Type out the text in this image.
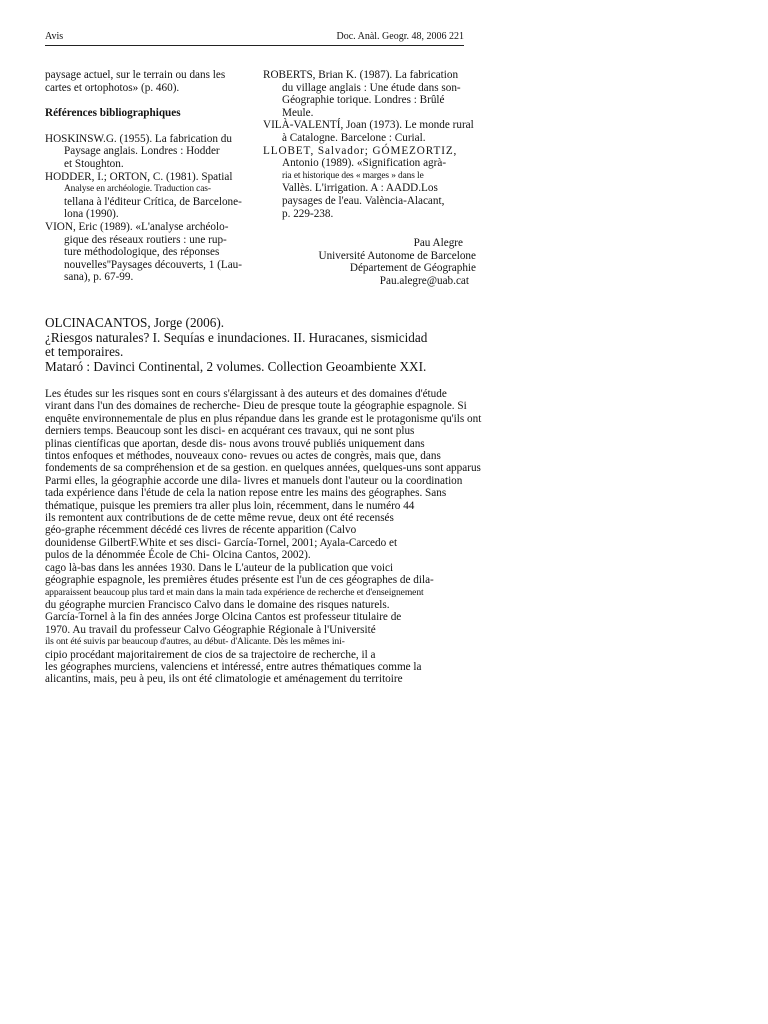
Avis	Doc. Anàl. Geogr. 48, 2006 221
paysage actuel, sur le terrain ou dans les
cartes et ortophotos» (p. 460).
Références bibliographiques
HOSKINSW.G. (1955). La fabrication du
Paysage anglais. Londres : Hodder
et Stoughton.
HODDER, I.; ORTON, C. (1981). Spatial
Analyse en archéologie. Traduction cas-
tellana à l'éditeur Crítica, de Barcelone-
lona (1990).
VION, Eric (1989). «L'analyse archéolo-
gique des réseaux routiers : une rup-
ture méthodologique, des réponses
nouvelles''Paysages découverts, 1 (Lau-
sana), p. 67-99.
ROBERTS, Brian K. (1987). La fabrication
du village anglais : Une étude dans son-
Géographie torique. Londres : Brûlé
Meule.
VILÀ-VALENTÍ, Joan (1973). Le monde rural
à Catalogne. Barcelone : Curial.
LLOBET, Salvador; GÓMEZORTIZ,
Antonio (1989). «Signification agrà-
ria et historique des « marges » dans le
Vallès. L'irrigation. A : AADD.Los
paysages de l'eau. València-Alacant,
p. 229-238.
Pau Alegre
Université Autonome de Barcelone
Département de Géographie
Pau.alegre@uab.cat
OLCINACANTOS, Jorge (2006).
¿Riesgos naturales? I. Sequías e inundaciones. II. Huracanes, sismicidad
et temporaires.
Mataró : Davinci Continental, 2 volumes. Collection Geoambiente XXI.
Les études sur les risques sont en cours s'élargissant à des auteurs et des domaines d'étude
virant dans l'un des domaines de recherche- Dieu de presque toute la géographie espagnole. Si
enquête environnementale de plus en plus répandue dans les grande est le protagonisme qu'ils ont
derniers temps. Beaucoup sont les disci- en acquérant ces travaux, qui ne sont plus
plinas científicas que aportan, desde dis- nous avons trouvé publiés uniquement dans
tintos enfoques et méthodes, nouveaux cono- revues ou actes de congrès, mais que, dans
fondements de sa compréhension et de sa gestion. en quelques années, quelques-uns sont apparus
Parmi elles, la géographie accorde une dila- livres et manuels dont l'auteur ou la coordination
tada expérience dans l'étude de cela la nation repose entre les mains des géographes. Sans
thématique, puisque les premiers tra aller plus loin, récemment, dans le numéro 44
ils remontent aux contributions de de cette même revue, deux ont été recensés
géo-graphe récemment décédé ces livres de récente apparition (Calvo
dounidense GilbertF.White et ses disci- García-Tornel, 2001; Ayala-Carcedo et
pulos de la dénommée École de Chi- Olcina Cantos, 2002).
cago là-bas dans les années 1930. Dans le L'auteur de la publication que voici
géographie espagnole, les premières études présente est l'un de ces géographes de dila-
apparaissent beaucoup plus tard et main dans la main tada expérience de recherche et d'enseignement
du géographe murcien Francisco Calvo dans le domaine des risques naturels.
García-Tornel à la fin des années Jorge Olcina Cantos est professeur titulaire de
1970. Au travail du professeur Calvo Géographie Régionale à l'Université
ils ont été suivis par beaucoup d'autres, au début- d'Alicante. Dès les mêmes ini-
cipio procédant majoritairement de cios de sa trajectoire de recherche, il a
les géographes murciens, valenciens et intéressé, entre autres thématiques comme la
alicantins, mais, peu à peu, ils ont été climatologie et aménagement du territoire
